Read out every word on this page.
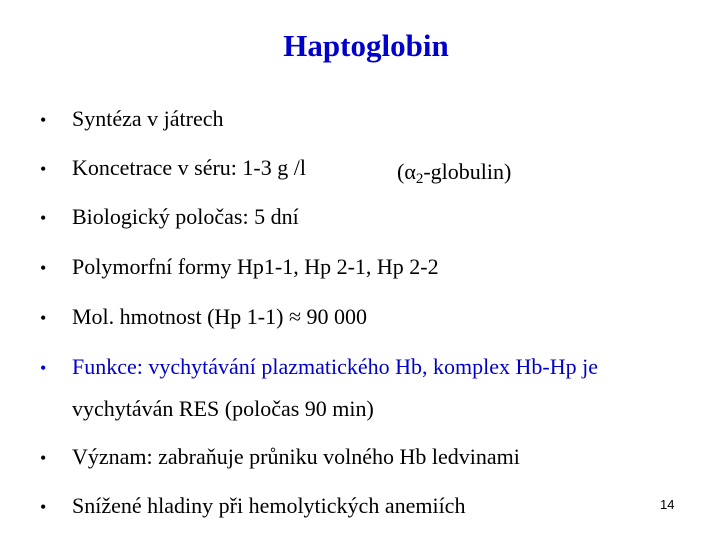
Haptoglobin
• Syntéza v játrech
• Koncetrace v séru: 1-3 g /l
• Biologický poločas: 5 dní
• Polymorfní formy Hp1-1, Hp 2-1, Hp 2-2
• Mol. hmotnost (Hp 1-1) ≈ 90 000
• Funkce: vychytávání plazmatického Hb, komplex Hb-Hp je
vychytáván RES (poločas 90 min)
• Význam: zabraňuje průniku volného Hb ledvinami
• Snížené hladiny při hemolytických anemiích
$(\alpha_2-globulin)$
14
